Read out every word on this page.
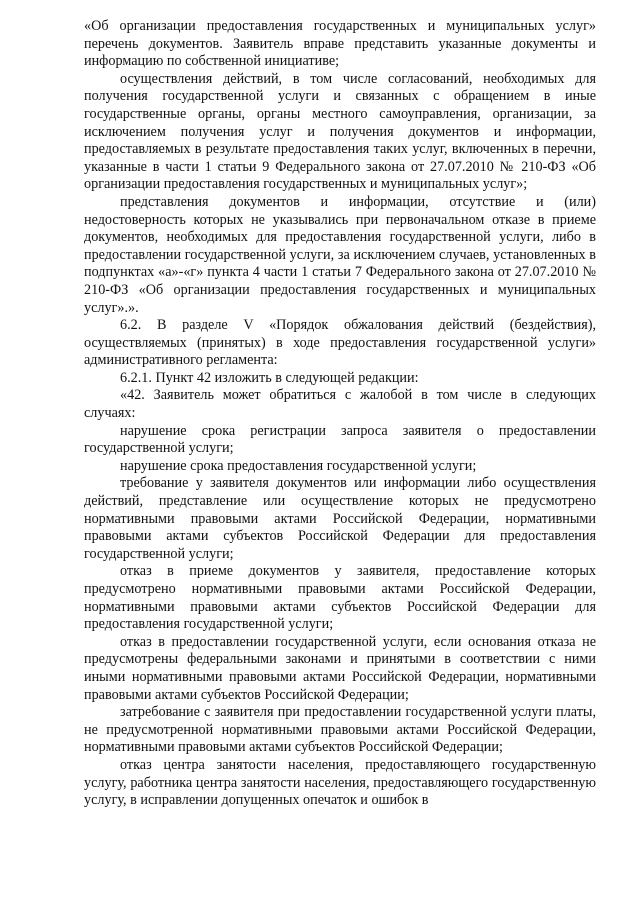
«Об организации предоставления государственных и муниципальных услуг» перечень документов. Заявитель вправе представить указанные документы и информацию по собственной инициативе;

осуществления действий, в том числе согласований, необходимых для получения государственной услуги и связанных с обращением в иные государственные органы, органы местного самоуправления, организации, за исключением получения услуг и получения документов и информации, предоставляемых в результате предоставления таких услуг, включенных в перечни, указанные в части 1 статьи 9 Федерального закона от 27.07.2010 № 210-ФЗ «Об организации предоставления государственных и муниципальных услуг»;

представления документов и информации, отсутствие и (или) недостоверность которых не указывались при первоначальном отказе в приеме документов, необходимых для предоставления государственной услуги, либо в предоставлении государственной услуги, за исключением случаев, установленных в подпунктах «а»-«г» пункта 4 части 1 статьи 7 Федерального закона от 27.07.2010 № 210-ФЗ «Об организации предоставления государственных и муниципальных услуг».».

6.2. В разделе V «Порядок обжалования действий (бездействия), осуществляемых (принятых) в ходе предоставления государственной услуги» административного регламента:

6.2.1. Пункт 42 изложить в следующей редакции:

«42. Заявитель может обратиться с жалобой в том числе в следующих случаях:

нарушение срока регистрации запроса заявителя о предоставлении государственной услуги;

нарушение срока предоставления государственной услуги;

требование у заявителя документов или информации либо осуществления действий, представление или осуществление которых не предусмотрено нормативными правовыми актами Российской Федерации, нормативными правовыми актами субъектов Российской Федерации для предоставления государственной услуги;

отказ в приеме документов у заявителя, предоставление которых предусмотрено нормативными правовыми актами Российской Федерации, нормативными правовыми актами субъектов Российской Федерации для предоставления государственной услуги;

отказ в предоставлении государственной услуги, если основания отказа не предусмотрены федеральными законами и принятыми в соответствии с ними иными нормативными правовыми актами Российской Федерации, нормативными правовыми актами субъектов Российской Федерации;

затребование с заявителя при предоставлении государственной услуги платы, не предусмотренной нормативными правовыми актами Российской Федерации, нормативными правовыми актами субъектов Российской Федерации;

отказ центра занятости населения, предоставляющего государственную услугу, работника центра занятости населения, предоставляющего государственную услугу, в исправлении допущенных опечаток и ошибок в
